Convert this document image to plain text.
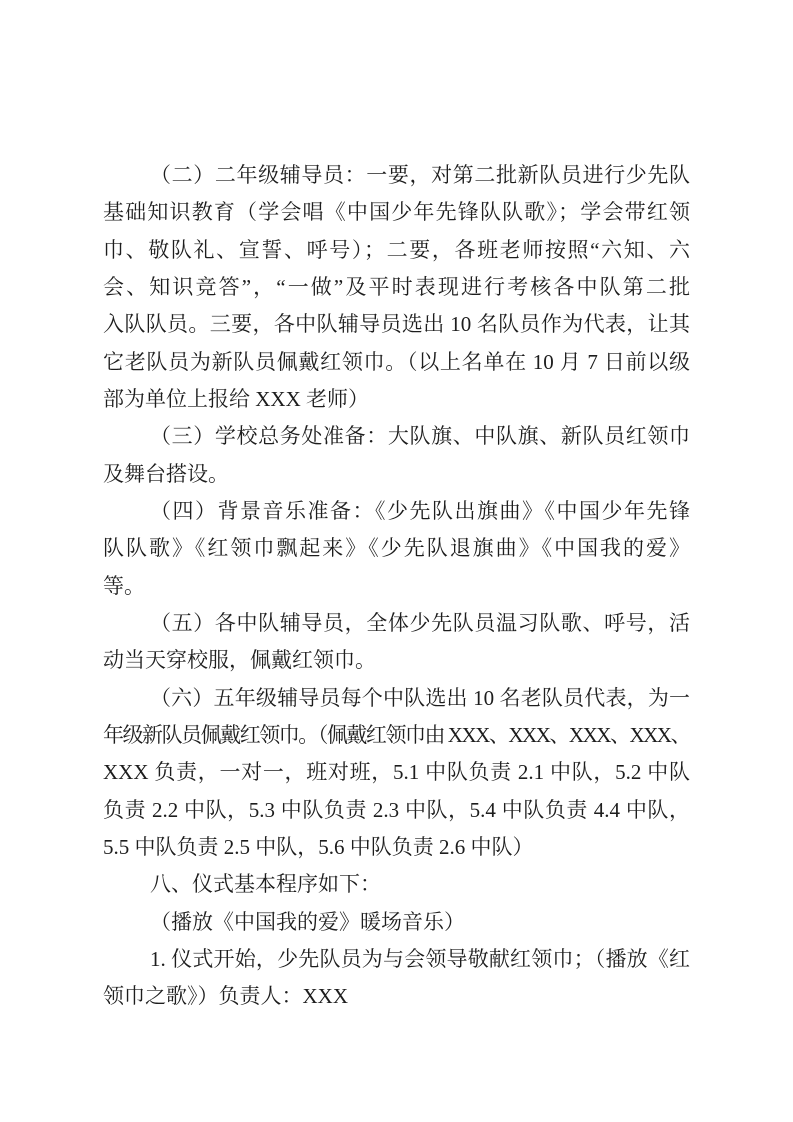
（二）二年级辅导员：一要，对第二批新队员进行少先队
基础知识教育（学会唱《中国少年先锋队队歌》；学会带红领
巾、敬队礼、宣誓、呼号）；二要，各班老师按照“六知、六
会、知识竞答”，“一做”及平时表现进行考核各中队第二批
入队队员。三要，各中队辅导员选出 10 名队员作为代表，让其
它老队员为新队员佩戴红领巾。（以上名单在 10 月 7 日前以级
部为单位上报给 XXX 老师）
（三）学校总务处准备：大队旗、中队旗、新队员红领巾
及舞台搭设。
（四）背景音乐准备：《少先队出旗曲》《中国少年先锋
队队歌》《红领巾飘起来》《少先队退旗曲》《中国我的爱》
等。
（五）各中队辅导员，全体少先队员温习队歌、呼号，活
动当天穿校服，佩戴红领巾。
（六）五年级辅导员每个中队选出 10 名老队员代表，为一
年级新队员佩戴红领巾。（佩戴红领巾由 XXX、XXX、XXX、XXX、
XXX 负责，一对一，班对班，5.1 中队负责 2.1 中队，5.2 中队
负责 2.2 中队，5.3 中队负责 2.3 中队，5.4 中队负责 4.4 中队，
5.5 中队负责 2.5 中队，5.6 中队负责 2.6 中队）
八、仪式基本程序如下：
（播放《中国我的爱》暖场音乐）
1. 仪式开始，少先队员为与会领导敬献红领巾；（播放《红
领巾之歌》）负责人：XXX
